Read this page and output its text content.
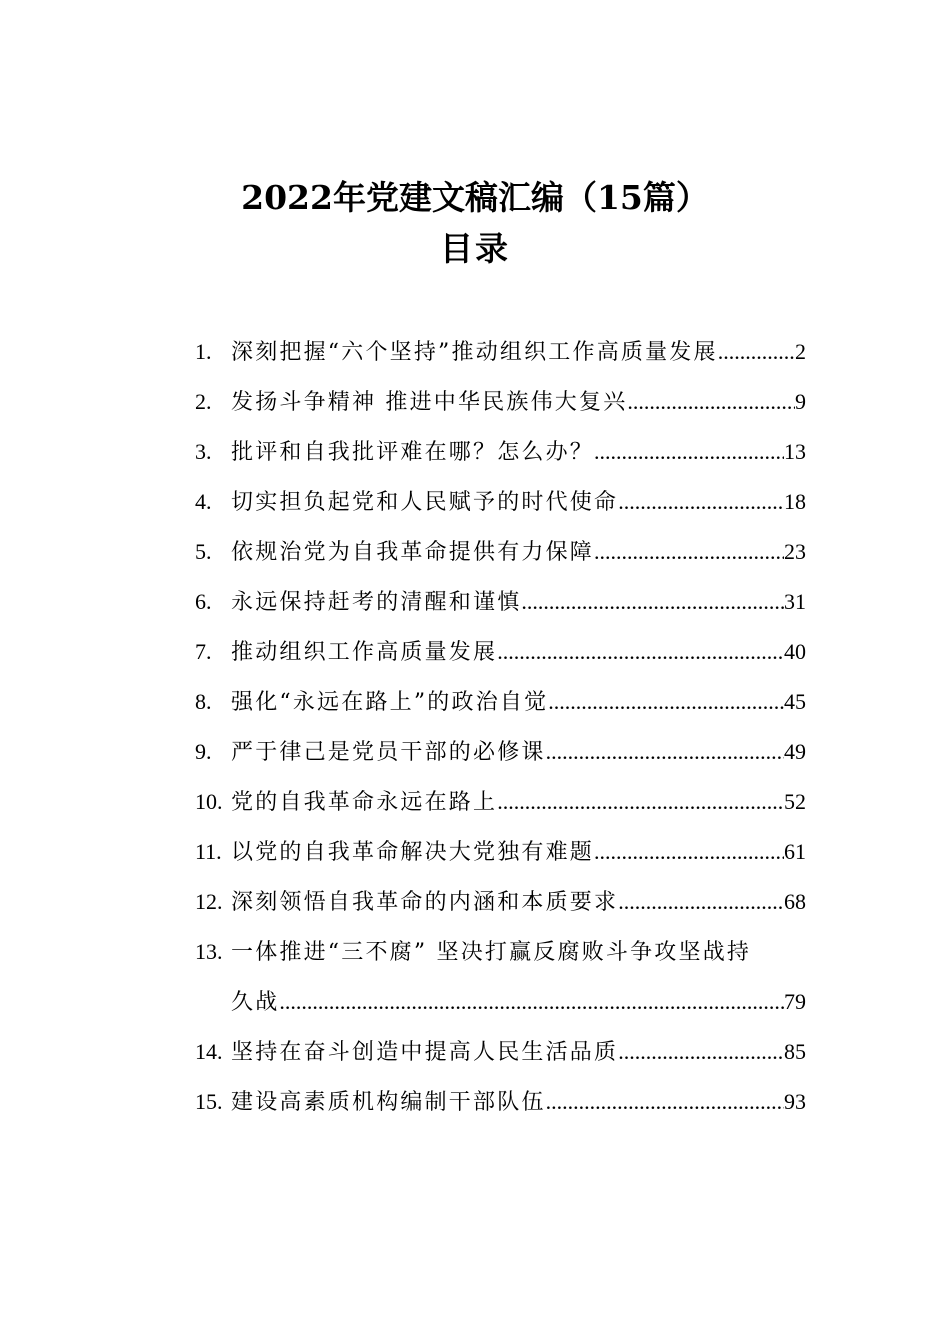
2022年党建文稿汇编（15篇）
目录
1. 深刻把握“六个坚持”推动组织工作高质量发展 .....	2
2. 发扬斗争精神 推进中华民族伟大复兴 .....	9
3. 批评和自我批评难在哪？怎么办？ .....	13
4. 切实担负起党和人民赋予的时代使命 .....	18
5. 依规治党为自我革命提供有力保障 .....	23
6. 永远保持赶考的清醒和谨慎 .....	31
7. 推动组织工作高质量发展 .....	40
8. 强化“永远在路上”的政治自觉 .....	45
9. 严于律己是党员干部的必修课 .....	49
10. 党的自我革命永远在路上 .....	52
11. 以党的自我革命解决大党独有难题 .....	61
12. 深刻领悟自我革命的内涵和本质要求 .....	68
13. 一体推进“三不腐” 坚决打赢反腐败斗争攻坚战持
久战 .....	79
14. 坚持在奋斗创造中提高人民生活品质 .....	85
15. 建设高素质机构编制干部队伍 .....	93
